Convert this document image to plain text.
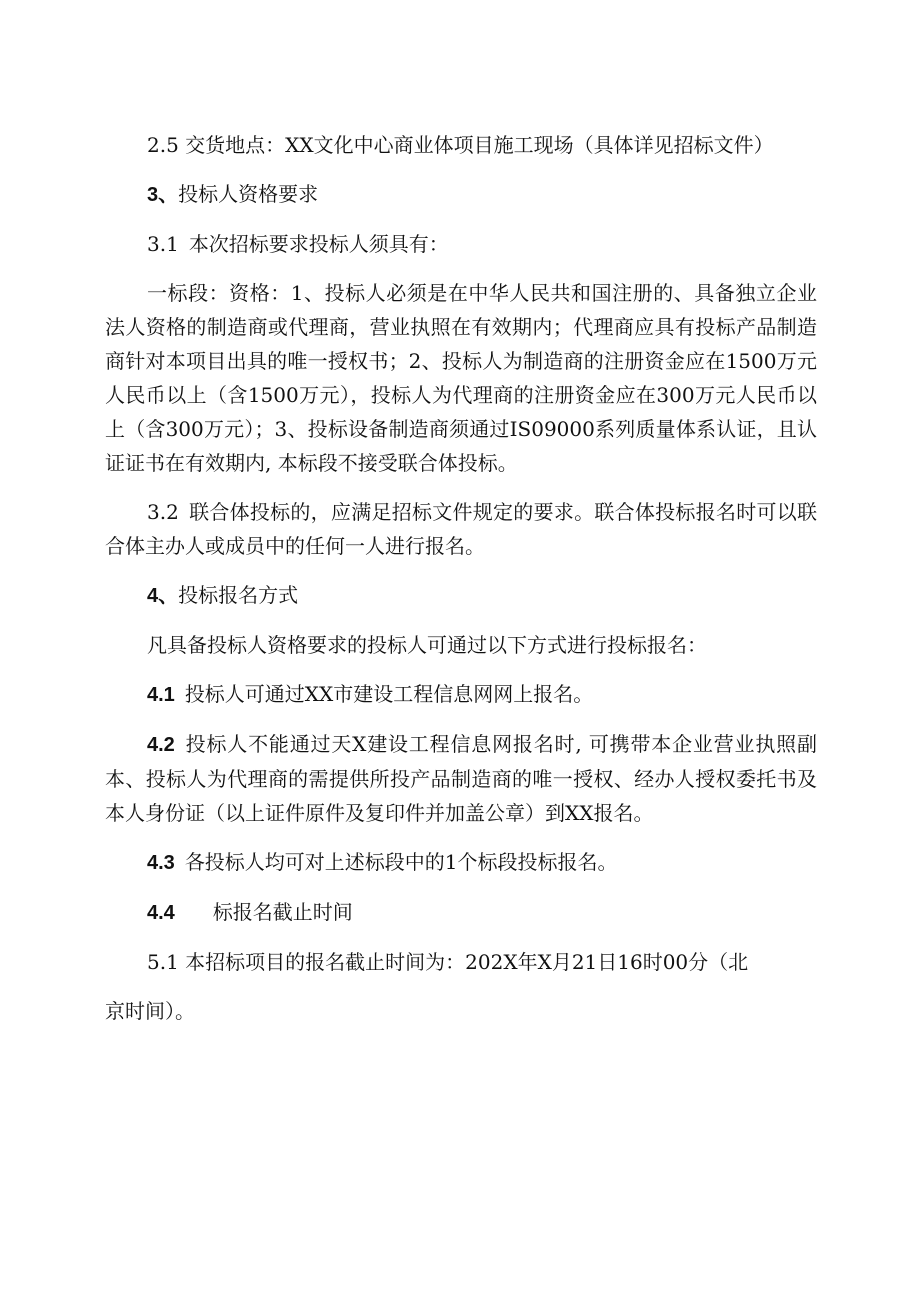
2.5 交货地点：XX文化中心商业体项目施工现场（具体详见招标文件）

3、投标人资格要求

3.1 本次招标要求投标人须具有：

一标段：资格：1、投标人必须是在中华人民共和国注册的、具备独立企业法人资格的制造商或代理商，营业执照在有效期内；代理商应具有投标产品制造商针对本项目出具的唯一授权书；2、投标人为制造商的注册资金应在1500万元人民币以上（含1500万元），投标人为代理商的注册资金应在300万元人民币以上（含300万元）；3、投标设备制造商须通过IS09000系列质量体系认证，且认证证书在有效期内, 本标段不接受联合体投标。

3.2 联合体投标的，应满足招标文件规定的要求。联合体投标报名时可以联合体主办人或成员中的任何一人进行报名。

4、投标报名方式

凡具备投标人资格要求的投标人可通过以下方式进行投标报名：

4.1 投标人可通过XX市建设工程信息网网上报名。

4.2 投标人不能通过天X建设工程信息网报名时, 可携带本企业营业执照副本、投标人为代理商的需提供所投产品制造商的唯一授权、经办人授权委托书及本人身份证（以上证件原件及复印件并加盖公章）到XX报名。

4.3 各投标人均可对上述标段中的1个标段投标报名。

4.4 标报名截止时间

5.1 本招标项目的报名截止时间为：202X年X月21日16时00分（北

京时间）。
